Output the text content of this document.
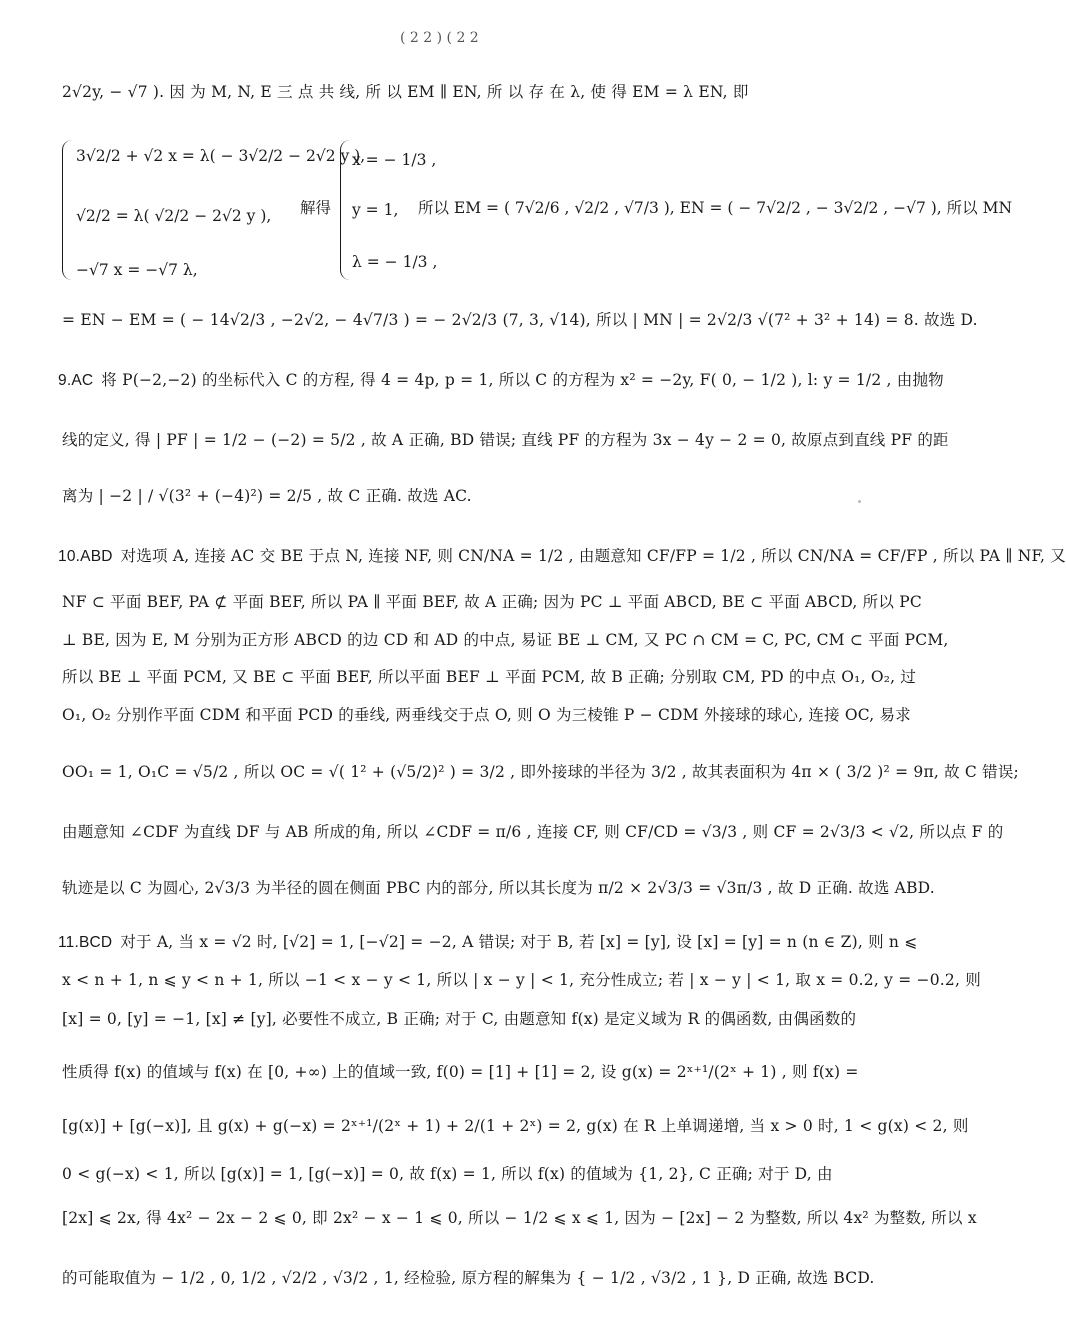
( 2 2 ) ( 2 2
2√2y, − √7 ). 因 为 M, N, E 三 点 共 线, 所 以 EM ∥ EN, 所 以 存 在 λ, 使 得 EM = λ EN, 即
3√2/2 + √2 x = λ( − 3√2/2 − 2√2 y ),
√2/2 = λ( √2/2 − 2√2 y ),
−√7 x = −√7 λ,
解得
x = − 1/3 ,
y = 1,
λ = − 1/3 ,
所以 EM = ( 7√2/6 , √2/2 , √7/3 ), EN = ( − 7√2/2 , − 3√2/2 , −√7 ), 所以 MN
= EN − EM = ( − 14√2/3 , −2√2, − 4√7/3 ) = − 2√2/3 (7, 3, √14), 所以 | MN | = 2√2/3 √(7² + 3² + 14) = 8. 故选 D.
9.AC 将 P(−2,−2) 的坐标代入 C 的方程, 得 4 = 4p, p = 1, 所以 C 的方程为 x² = −2y, F( 0, − 1/2 ), l: y = 1/2 , 由抛物
线的定义, 得 | PF | = 1/2 − (−2) = 5/2 , 故 A 正确, BD 错误; 直线 PF 的方程为 3x − 4y − 2 = 0, 故原点到直线 PF 的距
离为 | −2 | / √(3² + (−4)²) = 2/5 , 故 C 正确. 故选 AC.
10.ABD 对选项 A, 连接 AC 交 BE 于点 N, 连接 NF, 则 CN/NA = 1/2 , 由题意知 CF/FP = 1/2 , 所以 CN/NA = CF/FP , 所以 PA ∥ NF, 又
NF ⊂ 平面 BEF, PA ⊄ 平面 BEF, 所以 PA ∥ 平面 BEF, 故 A 正确; 因为 PC ⊥ 平面 ABCD, BE ⊂ 平面 ABCD, 所以 PC
⊥ BE, 因为 E, M 分别为正方形 ABCD 的边 CD 和 AD 的中点, 易证 BE ⊥ CM, 又 PC ∩ CM = C, PC, CM ⊂ 平面 PCM,
所以 BE ⊥ 平面 PCM, 又 BE ⊂ 平面 BEF, 所以平面 BEF ⊥ 平面 PCM, 故 B 正确; 分别取 CM, PD 的中点 O₁, O₂, 过
O₁, O₂ 分别作平面 CDM 和平面 PCD 的垂线, 两垂线交于点 O, 则 O 为三棱锥 P − CDM 外接球的球心, 连接 OC, 易求
OO₁ = 1, O₁C = √5/2 , 所以 OC = √( 1² + (√5/2)² ) = 3/2 , 即外接球的半径为 3/2 , 故其表面积为 4π × ( 3/2 )² = 9π, 故 C 错误;
由题意知 ∠CDF 为直线 DF 与 AB 所成的角, 所以 ∠CDF = π/6 , 连接 CF, 则 CF/CD = √3/3 , 则 CF = 2√3/3 < √2, 所以点 F 的
轨迹是以 C 为圆心, 2√3/3 为半径的圆在侧面 PBC 内的部分, 所以其长度为 π/2 × 2√3/3 = √3π/3 , 故 D 正确. 故选 ABD.
11.BCD 对于 A, 当 x = √2 时, [√2] = 1, [−√2] = −2, A 错误; 对于 B, 若 [x] = [y], 设 [x] = [y] = n (n ∈ Z), 则 n ⩽
x < n + 1, n ⩽ y < n + 1, 所以 −1 < x − y < 1, 所以 | x − y | < 1, 充分性成立; 若 | x − y | < 1, 取 x = 0.2, y = −0.2, 则
[x] = 0, [y] = −1, [x] ≠ [y], 必要性不成立, B 正确; 对于 C, 由题意知 f(x) 是定义域为 R 的偶函数, 由偶函数的
性质得 f(x) 的值域与 f(x) 在 [0, +∞) 上的值域一致, f(0) = [1] + [1] = 2, 设 g(x) = 2ˣ⁺¹/(2ˣ + 1) , 则 f(x) =
[g(x)] + [g(−x)], 且 g(x) + g(−x) = 2ˣ⁺¹/(2ˣ + 1) + 2/(1 + 2ˣ) = 2, g(x) 在 R 上单调递增, 当 x > 0 时, 1 < g(x) < 2, 则
0 < g(−x) < 1, 所以 [g(x)] = 1, [g(−x)] = 0, 故 f(x) = 1, 所以 f(x) 的值域为 {1, 2}, C 正确; 对于 D, 由
[2x] ⩽ 2x, 得 4x² − 2x − 2 ⩽ 0, 即 2x² − x − 1 ⩽ 0, 所以 − 1/2 ⩽ x ⩽ 1, 因为 − [2x] − 2 为整数, 所以 4x² 为整数, 所以 x
的可能取值为 − 1/2 , 0, 1/2 , √2/2 , √3/2 , 1, 经检验, 原方程的解集为 { − 1/2 , √3/2 , 1 }, D 正确, 故选 BCD.
